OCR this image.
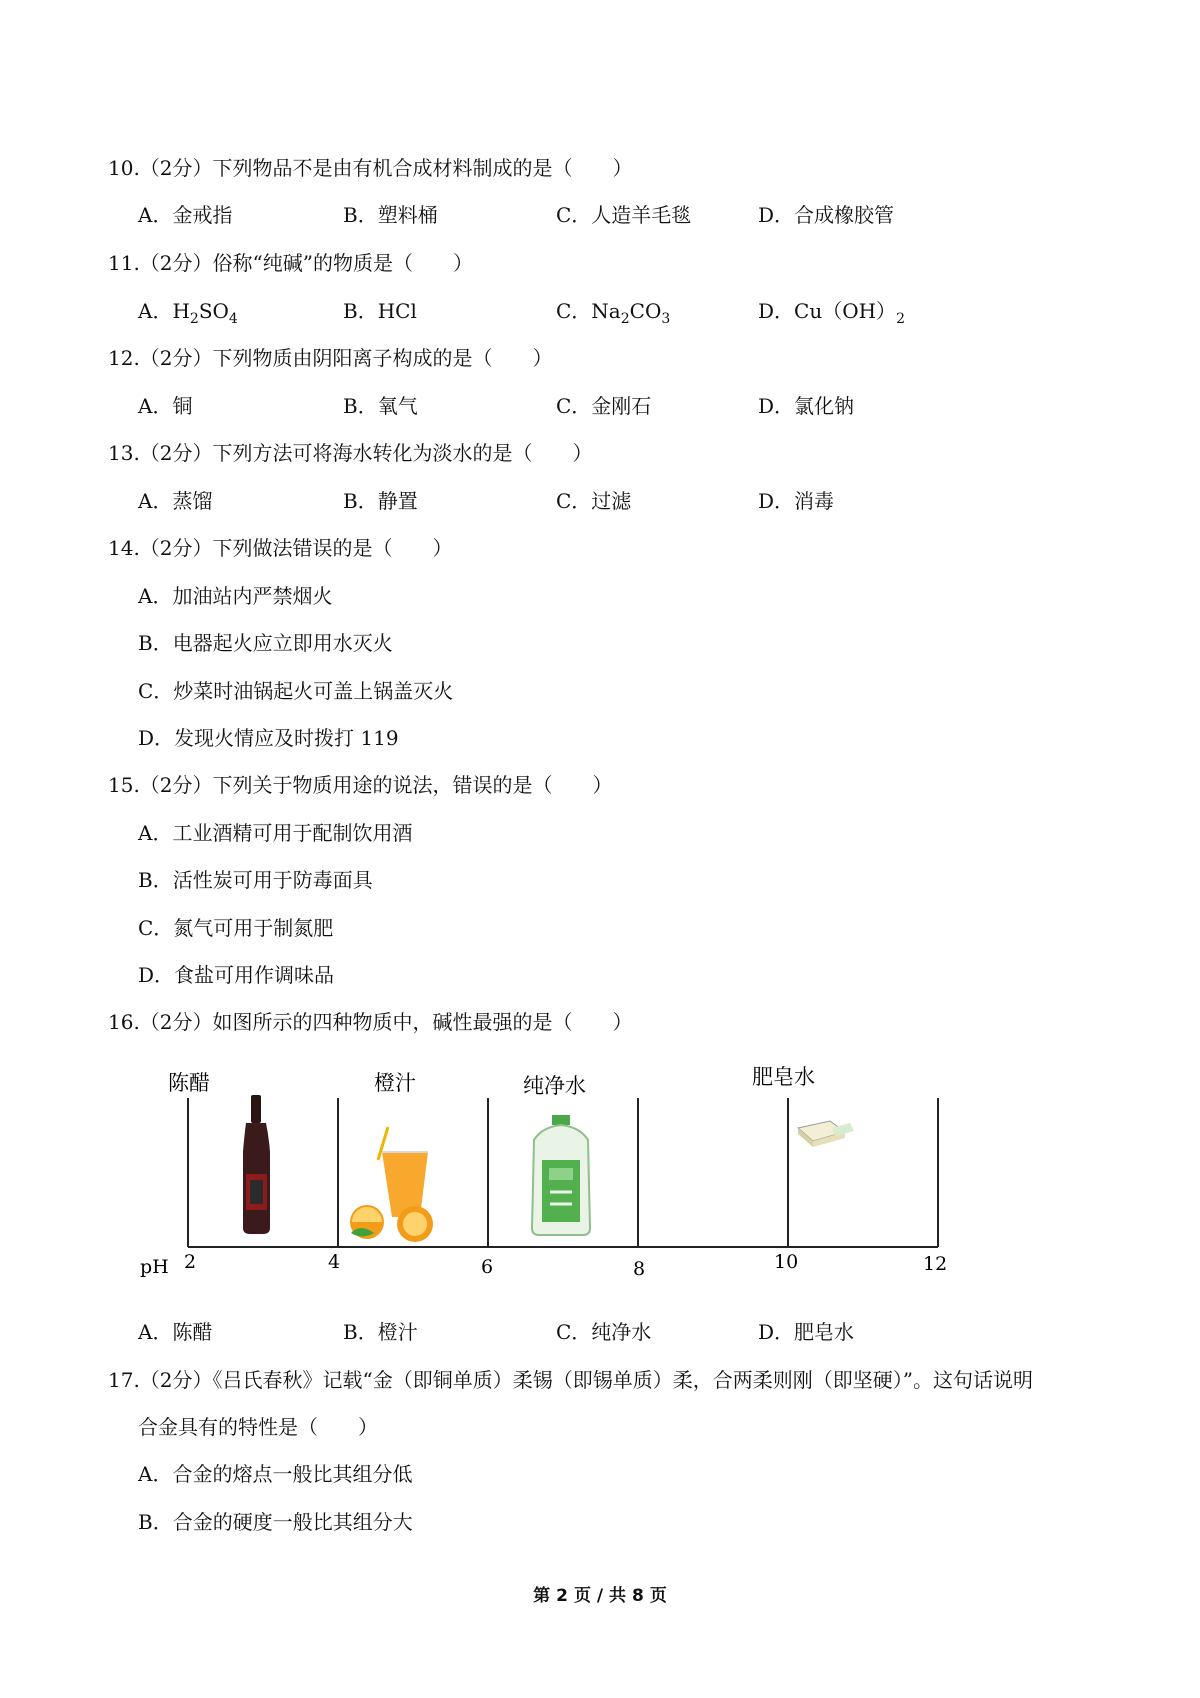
10.（2分）下列物品不是由有机合成材料制成的是（　　）
A．金戒指	B．塑料桶	C．人造羊毛毯	D．合成橡胶管
11.（2分）俗称“纯碱”的物质是（　　）
A．$H_2SO_4$	B．HCl	C．$Na_2CO_3$	D．$Cu(OH)_2$
12.（2分）下列物质由阴阳离子构成的是（　　）
A．铜	B．氧气	C．金刚石	D．氯化钠
13.（2分）下列方法可将海水转化为淡水的是（　　）
A．蒸馏	B．静置	C．过滤	D．消毒
14.（2分）下列做法错误的是（　　）
A．加油站内严禁烟火
B．电器起火应立即用水灭火
C．炒菜时油锅起火可盖上锅盖灭火
D．发现火情应及时拨打 119
15.（2分）下列关于物质用途的说法，错误的是（　　）
A．工业酒精可用于配制饮用酒
B．活性炭可用于防毒面具
C．氮气可用于制氮肥
D．食盐可用作调味品
16.（2分）如图所示的四种物质中，碱性最强的是（　　）
陈醋	橙汁	纯净水	肥皂水
pH 2	4	6	8	10	12
A．陈醋	B．橙汁	C．纯净水	D．肥皂水
17.（2分）《吕氏春秋》记载“金（即铜单质）柔锡（即锡单质）柔，合两柔则刚（即坚硬）”。这句话说明
合金具有的特性是（　　）
A．合金的熔点一般比其组分低
B．合金的硬度一般比其组分大
第 2 页 / 共 8 页
